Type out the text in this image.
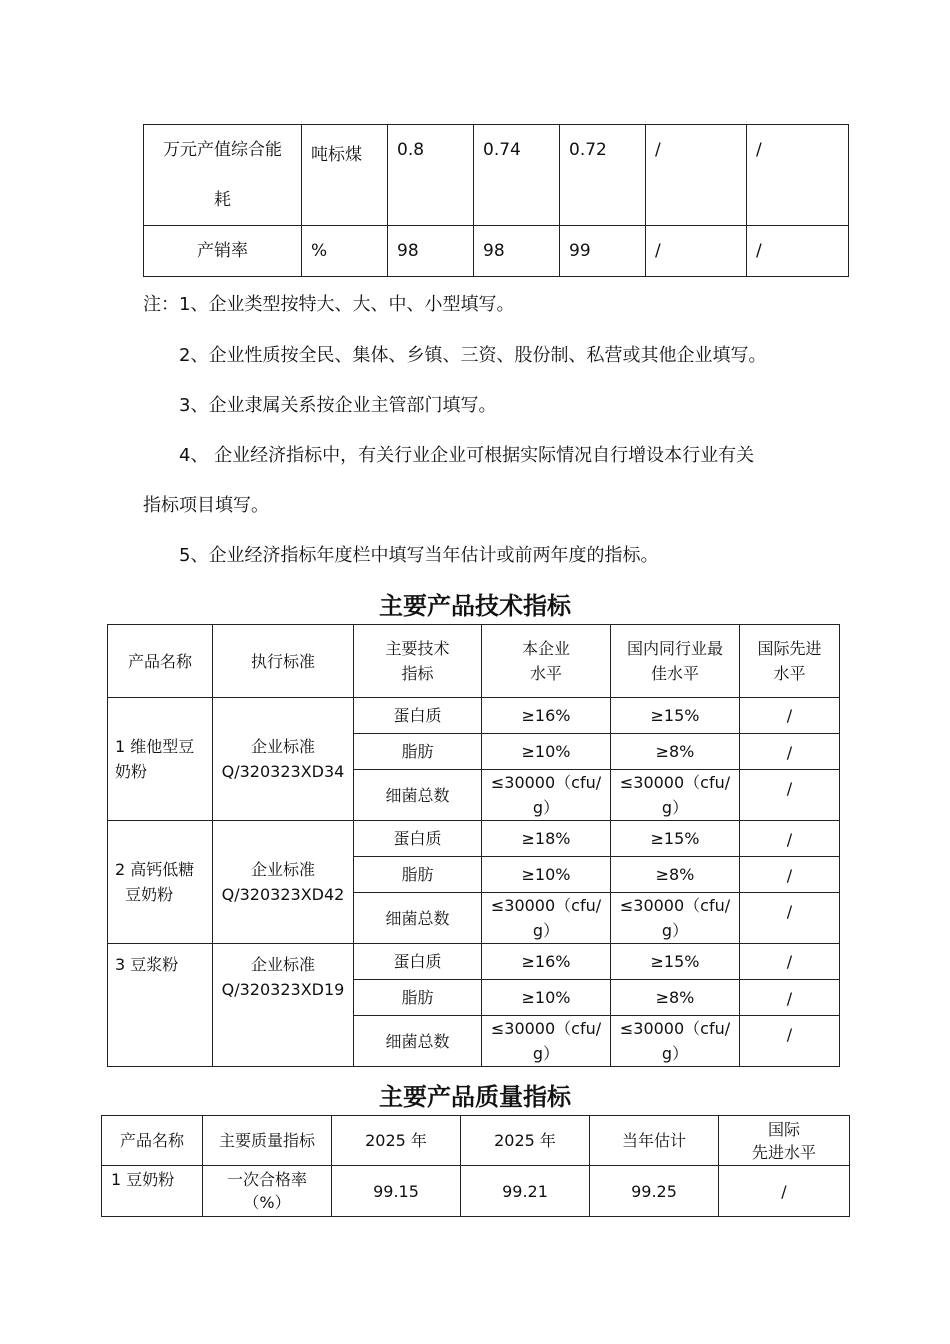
万元产值综合能
耗	吨标煤	0.8	0.74	0.72	/	/
产销率	%	98	98	99	/	/
注：1、企业类型按特大、大、中、小型填写。
2、企业性质按全民、集体、乡镇、三资、股份制、私营或其他企业填写。
3、企业隶属关系按企业主管部门填写。
4、 企业经济指标中，有关行业企业可根据实际情况自行增设本行业有关
指标项目填写。
5、企业经济指标年度栏中填写当年估计或前两年度的指标。
主要产品技术指标
产品名称	执行标准	主要技术
指标	本企业
水平	国内同行业最
佳水平	国际先进
水平
1 维他型豆
奶粉	企业标准
Q/320323XD34	蛋白质	≥16%	≥15%	/
		脂肪	≥10%	≥8%	/
		细菌总数	≤30000（cfu/
g）	≤30000（cfu/
g）	/
2 高钙低糖
豆奶粉	企业标准
Q/320323XD42	蛋白质	≥18%	≥15%	/
		脂肪	≥10%	≥8%	/
		细菌总数	≤30000（cfu/
g）	≤30000（cfu/
g）	/
3 豆浆粉	企业标准
Q/320323XD19	蛋白质	≥16%	≥15%	/
		脂肪	≥10%	≥8%	/
		细菌总数	≤30000（cfu/
g）	≤30000（cfu/
g）	/
主要产品质量指标
产品名称	主要质量指标	2025 年	2025 年	当年估计	国际
先进水平
1 豆奶粉	一次合格率
（%）	99.15	99.21	99.25	/
